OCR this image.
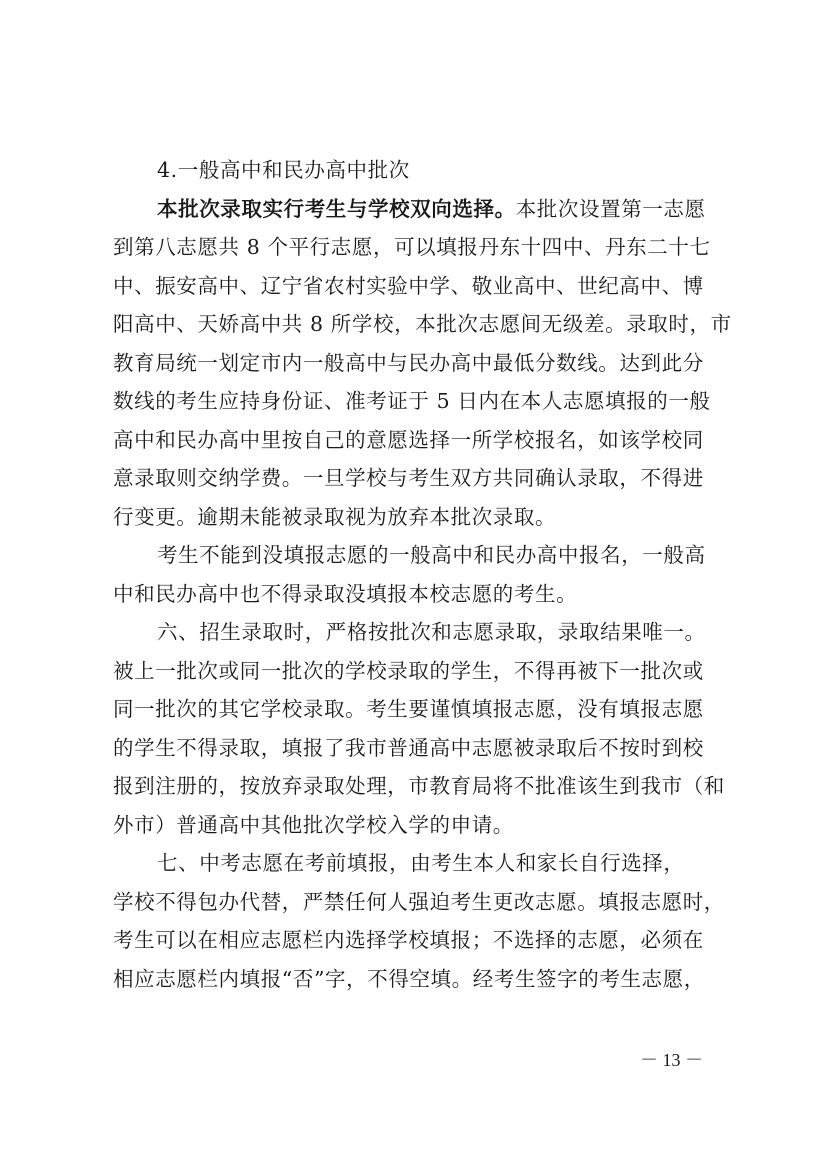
4.一般高中和民办高中批次
本批次录取实行考生与学校双向选择。本批次设置第一志愿
到第八志愿共 8 个平行志愿，可以填报丹东十四中、丹东二十七
中、振安高中、辽宁省农村实验中学、敬业高中、世纪高中、博
阳高中、天娇高中共 8 所学校，本批次志愿间无级差。录取时，市
教育局统一划定市内一般高中与民办高中最低分数线。达到此分
数线的考生应持身份证、准考证于 5 日内在本人志愿填报的一般
高中和民办高中里按自己的意愿选择一所学校报名，如该学校同
意录取则交纳学费。一旦学校与考生双方共同确认录取，不得进
行变更。逾期未能被录取视为放弃本批次录取。
考生不能到没填报志愿的一般高中和民办高中报名，一般高
中和民办高中也不得录取没填报本校志愿的考生。
六、招生录取时，严格按批次和志愿录取，录取结果唯一。
被上一批次或同一批次的学校录取的学生，不得再被下一批次或
同一批次的其它学校录取。考生要谨慎填报志愿，没有填报志愿
的学生不得录取，填报了我市普通高中志愿被录取后不按时到校
报到注册的，按放弃录取处理，市教育局将不批准该生到我市（和
外市）普通高中其他批次学校入学的申请。
七、中考志愿在考前填报，由考生本人和家长自行选择，
学校不得包办代替，严禁任何人强迫考生更改志愿。填报志愿时，
考生可以在相应志愿栏内选择学校填报；不选择的志愿，必须在
相应志愿栏内填报“否”字，不得空填。经考生签字的考生志愿，
－ 13 －
